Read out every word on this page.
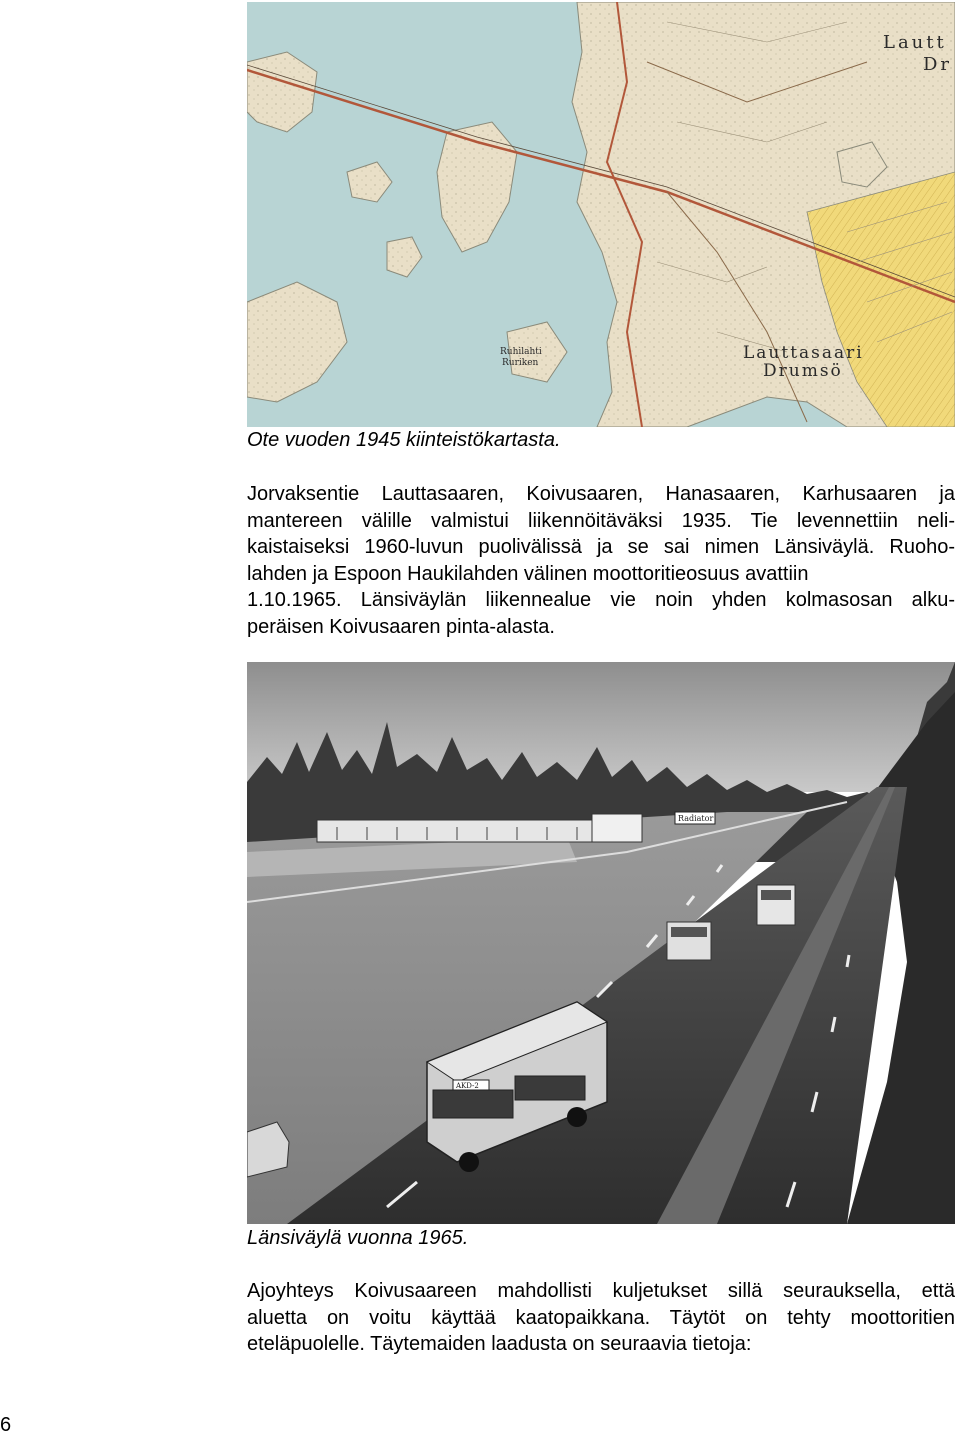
Lautt
Dr
Lauttasaari
Drumsö
Ruhilahti
Ruriken
Ote vuoden 1945 kiinteistökartasta.
Jorvaksentie Lauttasaaren, Koivusaaren, Hanasaaren, Karhusaaren ja
mantereen välille valmistui liikennöitäväksi 1935. Tie levennettiin neli-
kaistaiseksi 1960-luvun puolivälissä ja se sai nimen Länsiväylä. Ruoho-
lahden ja Espoon Haukilahden välinen moottoritieosuus avattiin
1.10.1965. Länsiväylän liikennealue vie noin yhden kolmasosan alku-
peräisen Koivusaaren pinta-alasta.
Radiator
AKD-2
Länsiväylä vuonna 1965.
Ajoyhteys Koivusaareen mahdollisti kuljetukset sillä seurauksella, että
aluetta on voitu käyttää kaatopaikkana. Täytöt on tehty moottoritien
eteläpuolelle. Täytemaiden laadusta on seuraavia tietoja:
6
